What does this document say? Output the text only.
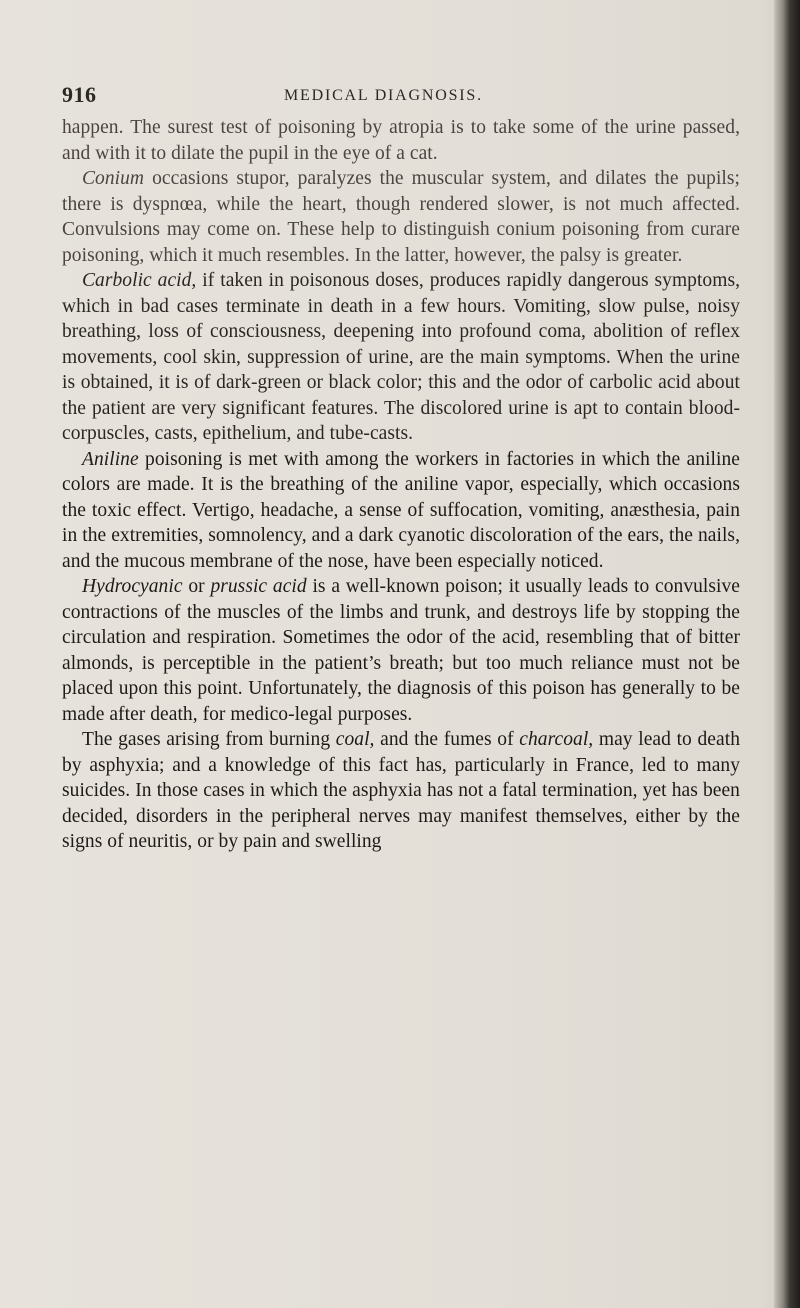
916	MEDICAL DIAGNOSIS.

happen. The surest test of poisoning by atropia is to take some of the urine passed, and with it to dilate the pupil in the eye of a cat.

Conium occasions stupor, paralyzes the muscular system, and dilates the pupils; there is dyspnœa, while the heart, though rendered slower, is not much affected. Convulsions may come on. These help to distinguish conium poisoning from curare poisoning, which it much resembles. In the latter, however, the palsy is greater.

Carbolic acid, if taken in poisonous doses, produces rapidly dangerous symptoms, which in bad cases terminate in death in a few hours. Vomiting, slow pulse, noisy breathing, loss of consciousness, deepening into profound coma, abolition of reflex movements, cool skin, suppression of urine, are the main symptoms. When the urine is obtained, it is of dark-green or black color; this and the odor of carbolic acid about the patient are very significant features. The discolored urine is apt to contain blood-corpuscles, casts, epithelium, and tube-casts.

Aniline poisoning is met with among the workers in factories in which the aniline colors are made. It is the breathing of the aniline vapor, especially, which occasions the toxic effect. Vertigo, headache, a sense of suffocation, vomiting, anæsthesia, pain in the extremities, somnolency, and a dark cyanotic discoloration of the ears, the nails, and the mucous membrane of the nose, have been especially noticed.

Hydrocyanic or prussic acid is a well-known poison; it usually leads to convulsive contractions of the muscles of the limbs and trunk, and destroys life by stopping the circulation and respiration. Sometimes the odor of the acid, resembling that of bitter almonds, is perceptible in the patient’s breath; but too much reliance must not be placed upon this point. Unfortunately, the diagnosis of this poison has generally to be made after death, for medico-legal purposes.

The gases arising from burning coal, and the fumes of charcoal, may lead to death by asphyxia; and a knowledge of this fact has, particularly in France, led to many suicides. In those cases in which the asphyxia has not a fatal termination, yet has been decided, disorders in the peripheral nerves may manifest themselves, either by the signs of neuritis, or by pain and swelling
